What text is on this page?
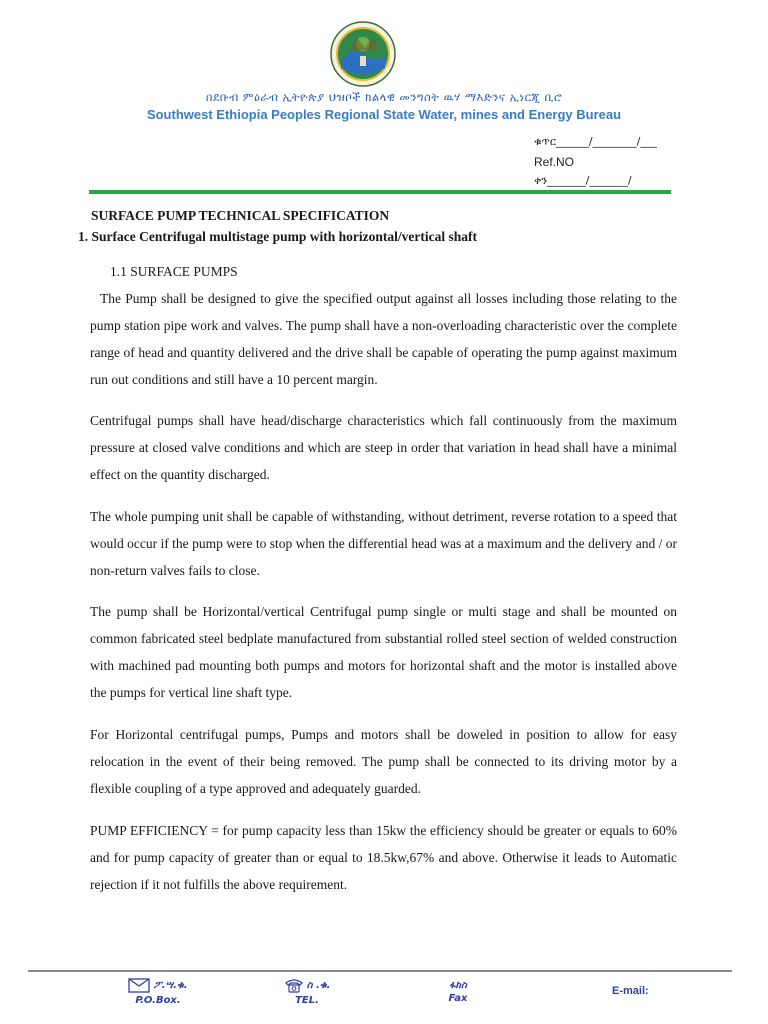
በደቡብ ምዕራብ ኢትዮጵያ ህዝቦች ክልላዊ መንግስት ዉሃ ማእድንና ኢነርጂ ቢሮ
Southwest Ethiopia Peoples Regional State Water, mines and Energy Bureau
ቁጥር______/________/___
Ref.NO
ቀን_______/_______/
SURFACE PUMP TECHNICAL SPECIFICATION
1. Surface Centrifugal multistage pump with horizontal/vertical shaft
1.1 SURFACE PUMPS

The Pump shall be designed to give the specified output against all losses including those relating to the pump station pipe work and valves. The pump shall have a non-overloading characteristic over the complete range of head and quantity delivered and the drive shall be capable of operating the pump against maximum run out conditions and still have a 10 percent margin.

Centrifugal pumps shall have head/discharge characteristics which fall continuously from the maximum pressure at closed valve conditions and which are steep in order that variation in head shall have a minimal effect on the quantity discharged.

The whole pumping unit shall be capable of withstanding, without detriment, reverse rotation to a speed that would occur if the pump were to stop when the differential head was at a maximum and the delivery and / or non-return valves fails to close.

The pump shall be Horizontal/vertical Centrifugal pump single or multi stage and shall be mounted on common fabricated steel bedplate manufactured from substantial rolled steel section of welded construction with machined pad mounting both pumps and motors for horizontal shaft and the motor is installed above the pumps for vertical line shaft type.

For Horizontal centrifugal pumps, Pumps and motors shall be doweled in position to allow for easy relocation in the event of their being removed. The pump shall be connected to its driving motor by a flexible coupling of a type approved and adequately guarded.

PUMP EFFICIENCY = for pump capacity less than 15kw the efficiency should be greater or equals to 60% and for pump capacity of greater than or equal to 18.5kw,67% and above. Otherwise it leads to Automatic rejection if it not fulfills the above requirement.

ፖ.ሣ.ቁ.
P.O.Box.
ስ .ቁ.
TEL.
ፋክስ
Fax
E-mail:
